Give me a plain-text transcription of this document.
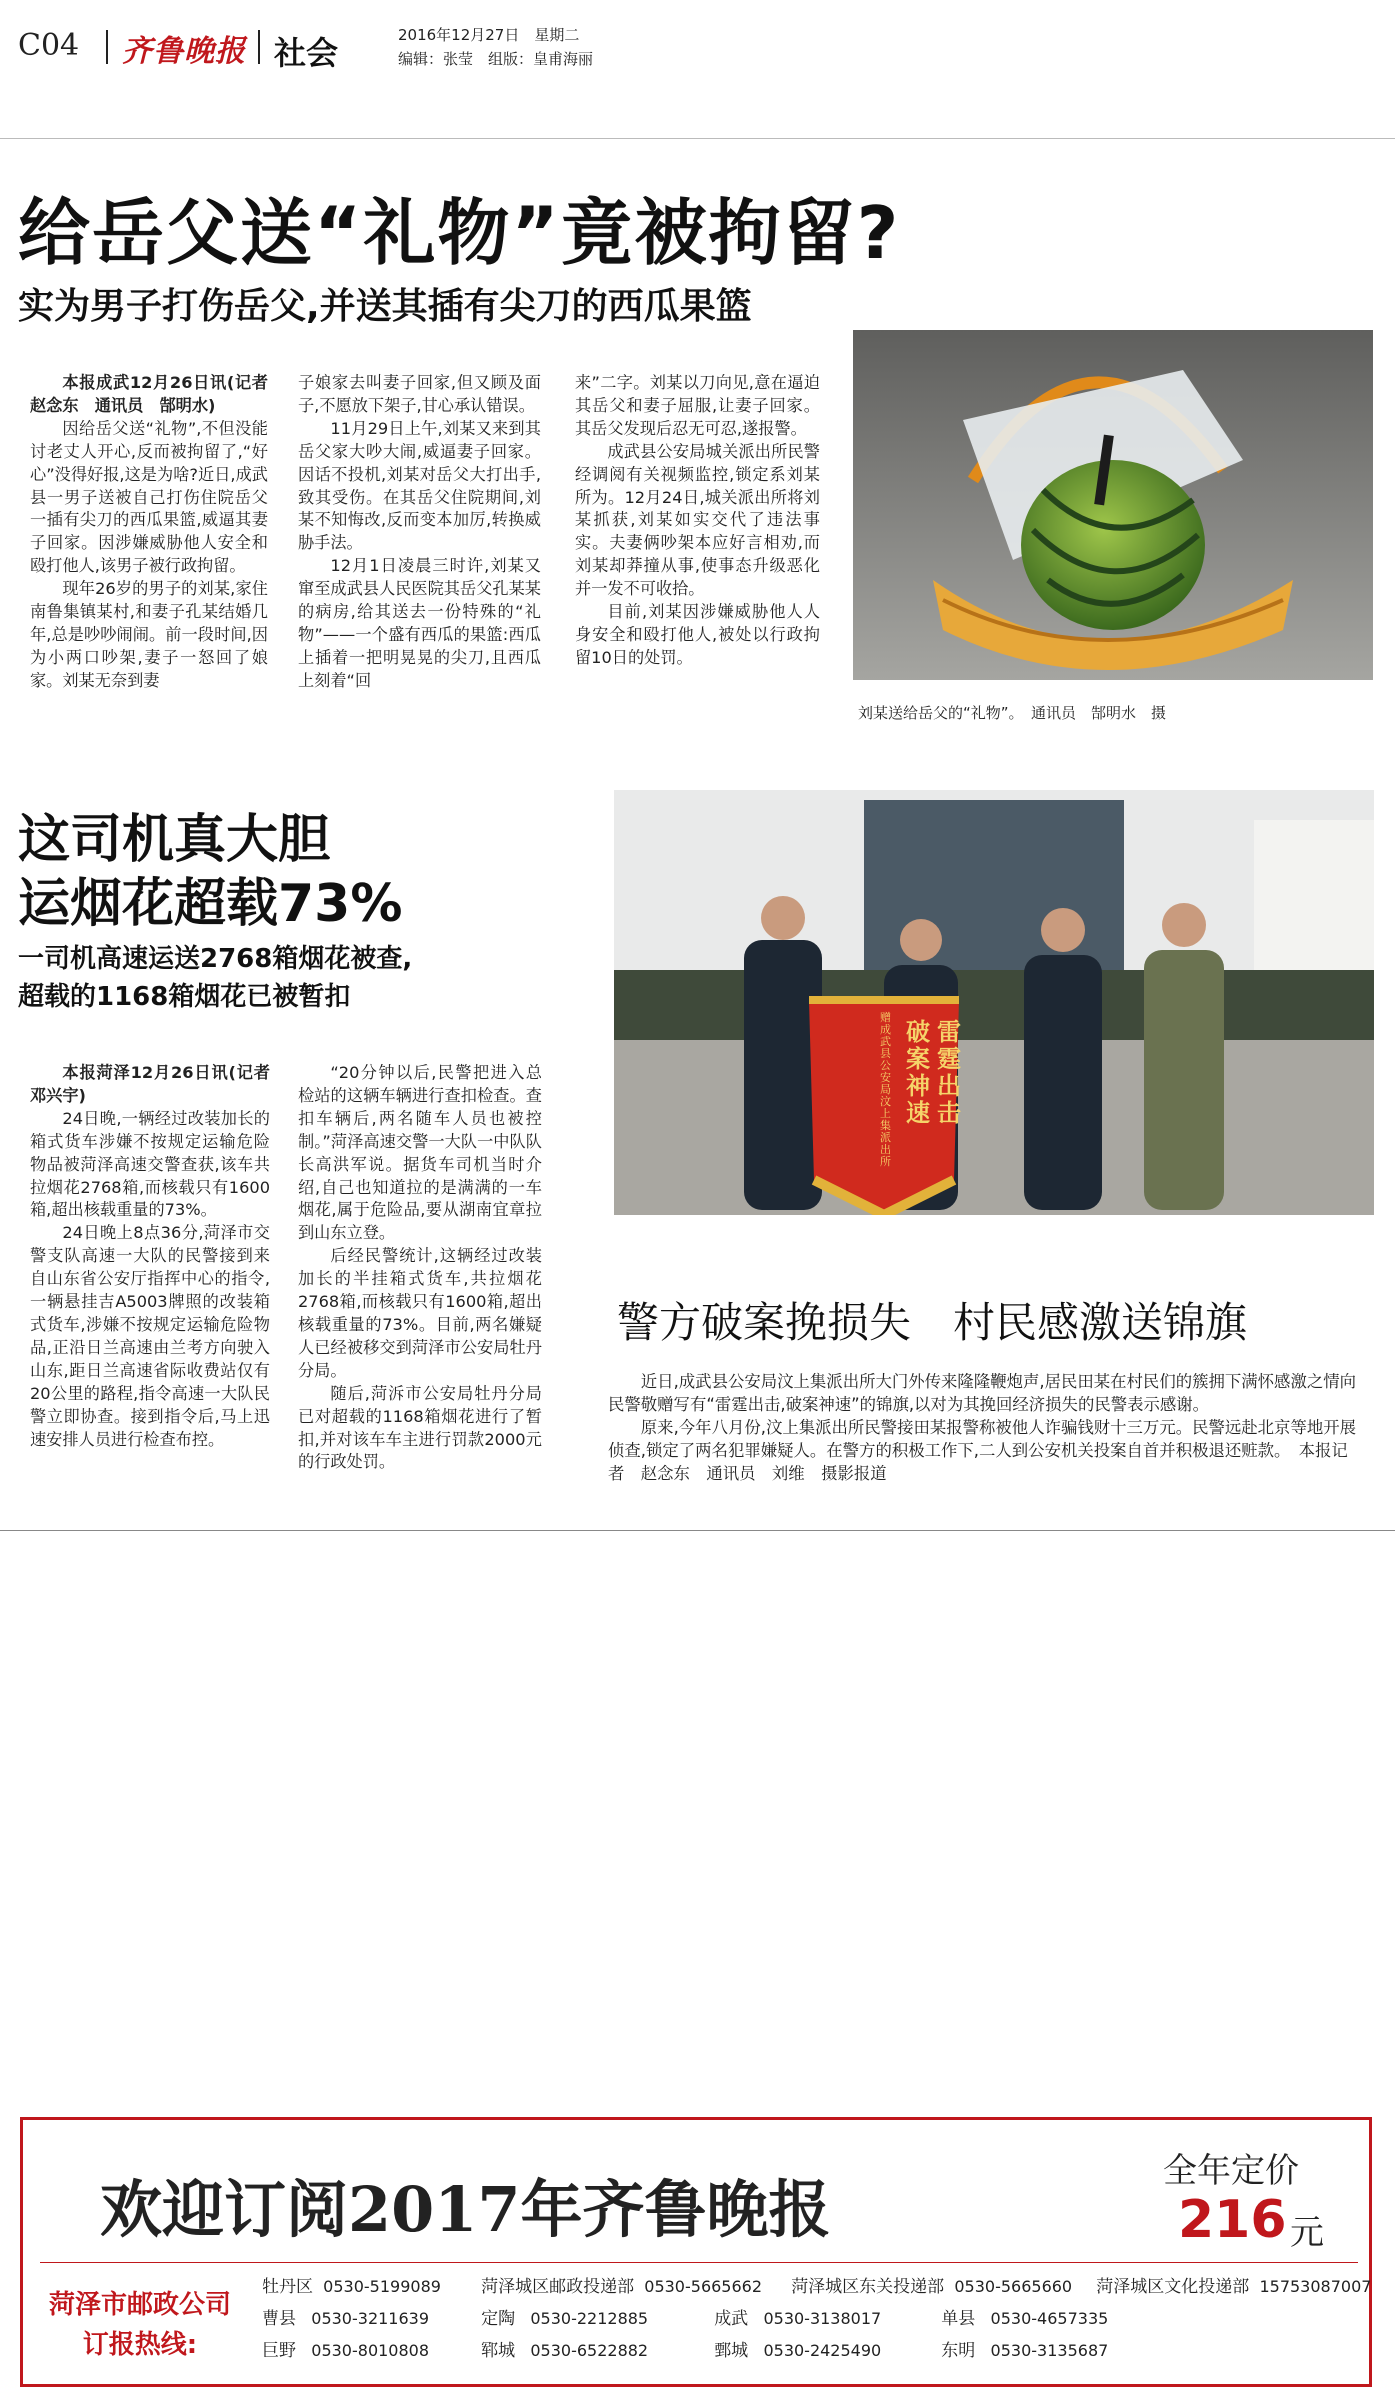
C04 齐鲁晚报 社会	2016年12月27日　星期二
编辑：张莹　组版：皇甫海丽
给岳父送“礼物”竟被拘留?
实为男子打伤岳父,并送其插有尖刀的西瓜果篮

本报成武12月26日讯(记者　赵念东　通讯员　郜明水)

因给岳父送“礼物”,不但没能讨老丈人开心,反而被拘留了,“好心”没得好报,这是为啥?近日,成武县一男子送被自己打伤住院岳父一插有尖刀的西瓜果篮,威逼其妻子回家。因涉嫌威胁他人安全和殴打他人,该男子被行政拘留。

现年26岁的男子的刘某,家住南鲁集镇某村,和妻子孔某结婚几年,总是吵吵闹闹。前一段时间,因为小两口吵架,妻子一怒回了娘家。刘某无奈到妻

子娘家去叫妻子回家,但又顾及面子,不愿放下架子,甘心承认错误。

11月29日上午,刘某又来到其岳父家大吵大闹,威逼妻子回家。因话不投机,刘某对岳父大打出手,致其受伤。在其岳父住院期间,刘某不知悔改,反而变本加厉,转换威胁手法。

12月1日凌晨三时许,刘某又窜至成武县人民医院其岳父孔某某的病房,给其送去一份特殊的“礼物”——一个盛有西瓜的果篮:西瓜上插着一把明晃晃的尖刀,且西瓜上刻着“回

来”二字。刘某以刀向见,意在逼迫其岳父和妻子屈服,让妻子回家。其岳父发现后忍无可忍,遂报警。

成武县公安局城关派出所民警经调阅有关视频监控,锁定系刘某所为。12月24日,城关派出所将刘某抓获,刘某如实交代了违法事实。夫妻俩吵架本应好言相劝,而刘某却莽撞从事,使事态升级恶化并一发不可收拾。

目前,刘某因涉嫌威胁他人人身安全和殴打他人,被处以行政拘留10日的处罚。

刘某送给岳父的“礼物”。　通讯员　郜明水　摄
这司机真大胆
运烟花超载73%
一司机高速运送2768箱烟花被查,
超载的1168箱烟花已被暂扣

本报菏泽12月26日讯(记者　邓兴宇)

24日晚,一辆经过改装加长的箱式货车涉嫌不按规定运输危险物品被菏泽高速交警查获,该车共拉烟花2768箱,而核载只有1600箱,超出核载重量的73%。

24日晚上8点36分,菏泽市交警支队高速一大队的民警接到来自山东省公安厅指挥中心的指令,一辆悬挂吉A5003牌照的改装箱式货车,涉嫌不按规定运输危险物品,正沿日兰高速由兰考方向驶入山东,距日兰高速省际收费站仅有20公里的路程,指令高速一大队民警立即协查。接到指令后,马上迅速安排人员进行检查布控。

“20分钟以后,民警把进入总检站的这辆车辆进行查扣检查。查扣车辆后,两名随车人员也被控制。”菏泽高速交警一大队一中队队长高洪军说。据货车司机当时介绍,自己也知道拉的是满满的一车烟花,属于危险品,要从湖南宜章拉到山东立登。

后经民警统计,这辆经过改装加长的半挂箱式货车,共拉烟花2768箱,而核载只有1600箱,超出核载重量的73%。目前,两名嫌疑人已经被移交到菏泽市公安局牡丹分局。

随后,菏泝市公安局牡丹分局已对超载的1168箱烟花进行了暂扣,并对该车车主进行罚款2000元的行政处罚。

雷霆出击
破案神速
赠成武县公安局汶上集派出所
警方破案挽损失　村民感激送锦旗

近日,成武县公安局汶上集派出所大门外传来隆隆鞭炮声,居民田某在村民们的簇拥下满怀感激之情向民警敬赠写有“雷霆出击,破案神速”的锦旗,以对为其挽回经济损失的民警表示感谢。

原来,今年八月份,汶上集派出所民警接田某报警称被他人诈骗钱财十三万元。民警远赴北京等地开展侦查,锁定了两名犯罪嫌疑人。在警方的积极工作下,二人到公安机关投案自首并积极退还赃款。　本报记者　赵念东　通讯员　刘维　摄影报道

欢迎订阅2017年齐鲁晚报
全年定价
216 元
菏泽市邮政公司
订报热线:
牡丹区 0530-5199089 菏泽城区邮政投递部 0530-5665662 菏泽城区东关投递部 0530-5665660 菏泽城区文化投递部 15753087007
曹县 0530-3211639	定陶 0530-2212885	成武 0530-3138017	单县 0530-4657335
巨野 0530-8010808	郓城 0530-6522882	鄄城 0530-2425490	东明 0530-3135687
